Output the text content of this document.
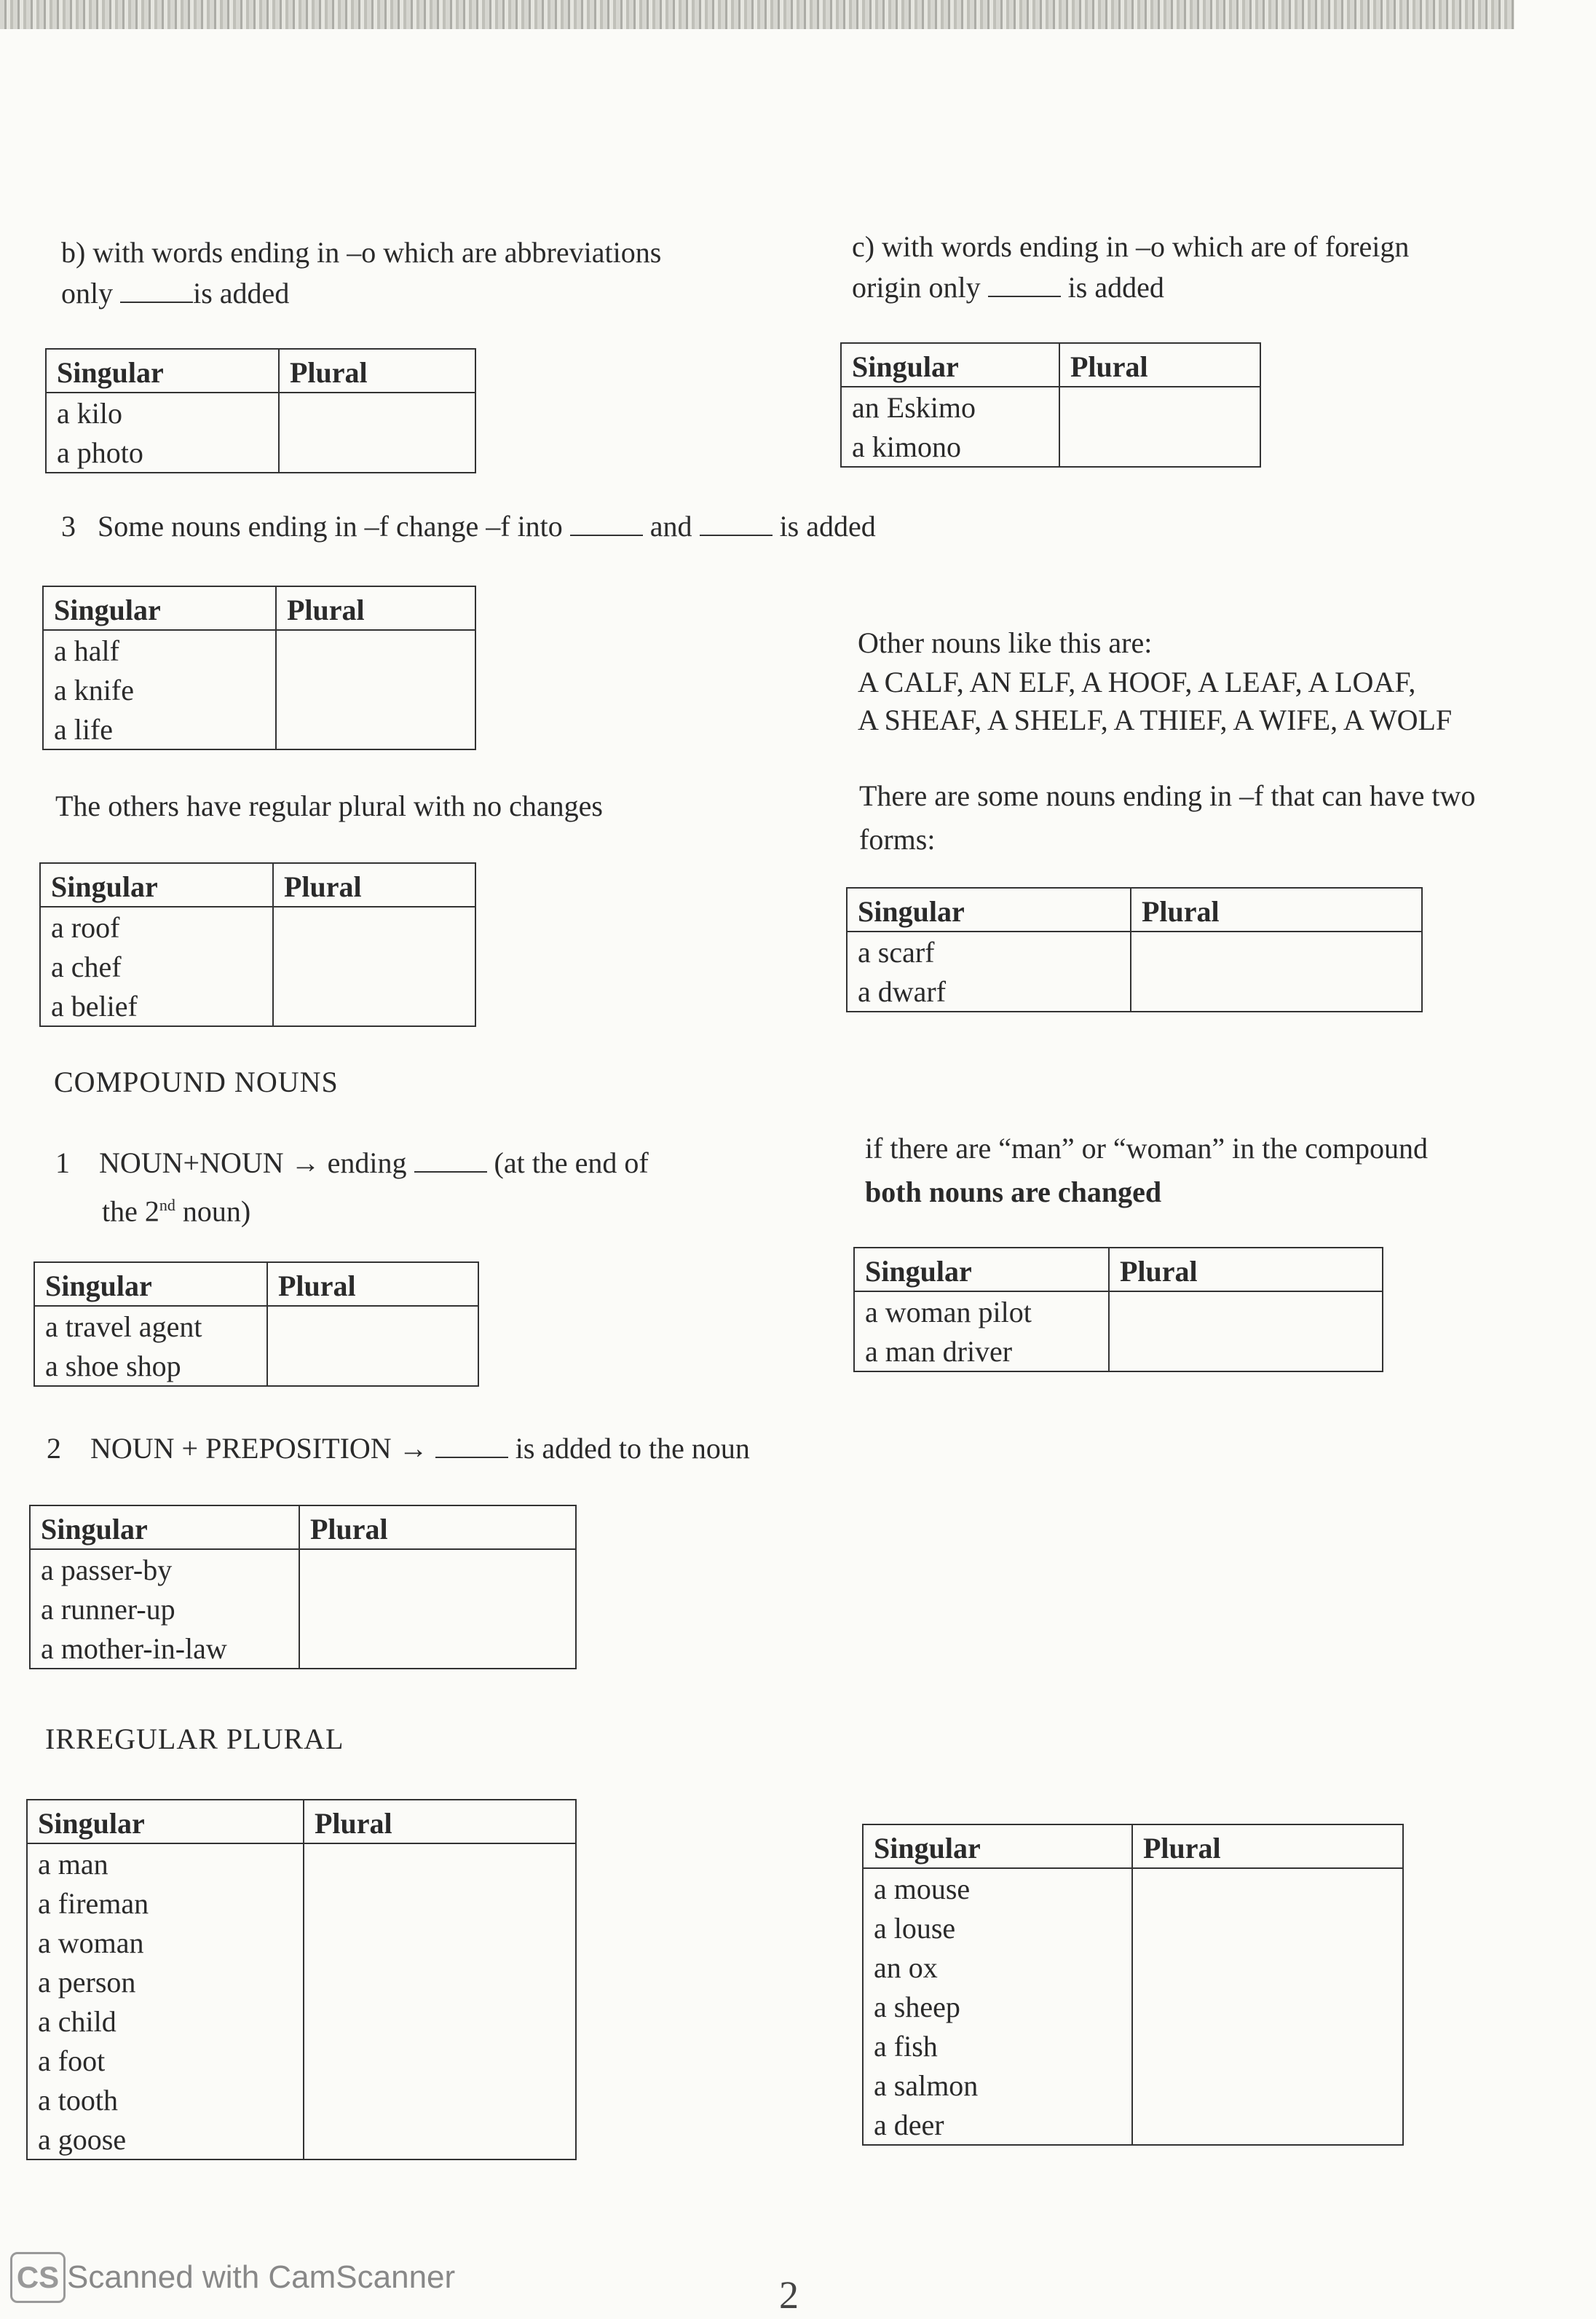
b) with words ending in –o which are abbreviations
only	is added
Singular	Plural
a kilo	
a photo	
c) with words ending in –o which are of foreign
origin only	is added
Singular	Plural
an Eskimo	
a kimono	
3 Some nouns ending in –f change –f into	and	is added
Singular	Plural
a half	
a knife	
a life	
Other nouns like this are:
A CALF, AN ELF, A HOOF, A LEAF, A LOAF,
A SHEAF, A SHELF, A THIEF, A WIFE, A WOLF
The others have regular plural with no changes
Singular	Plural
a roof	
a chef	
a belief	
There are some nouns ending in –f that can have two
forms:
Singular	Plural
a scarf	
a dwarf	
COMPOUND NOUNS
1 NOUN+NOUN → ending	(at the end of
the 2nd noun)
Singular	Plural
a travel agent	
a shoe shop	
if there are “man” or “woman” in the compound
both nouns are changed
Singular	Plural
a woman pilot	
a man driver	
2 NOUN + PREPOSITION →	is added to the noun
Singular	Plural
a passer-by	
a runner-up	
a mother-in-law	
IRREGULAR PLURAL
Singular	Plural
a man	
a fireman	
a woman	
a person	
a child	
a foot	
a tooth	
a goose	
Singular	Plural
a mouse	
a louse	
an ox	
a sheep	
a fish	
a salmon	
a deer	
CS Scanned with CamScanner	2
